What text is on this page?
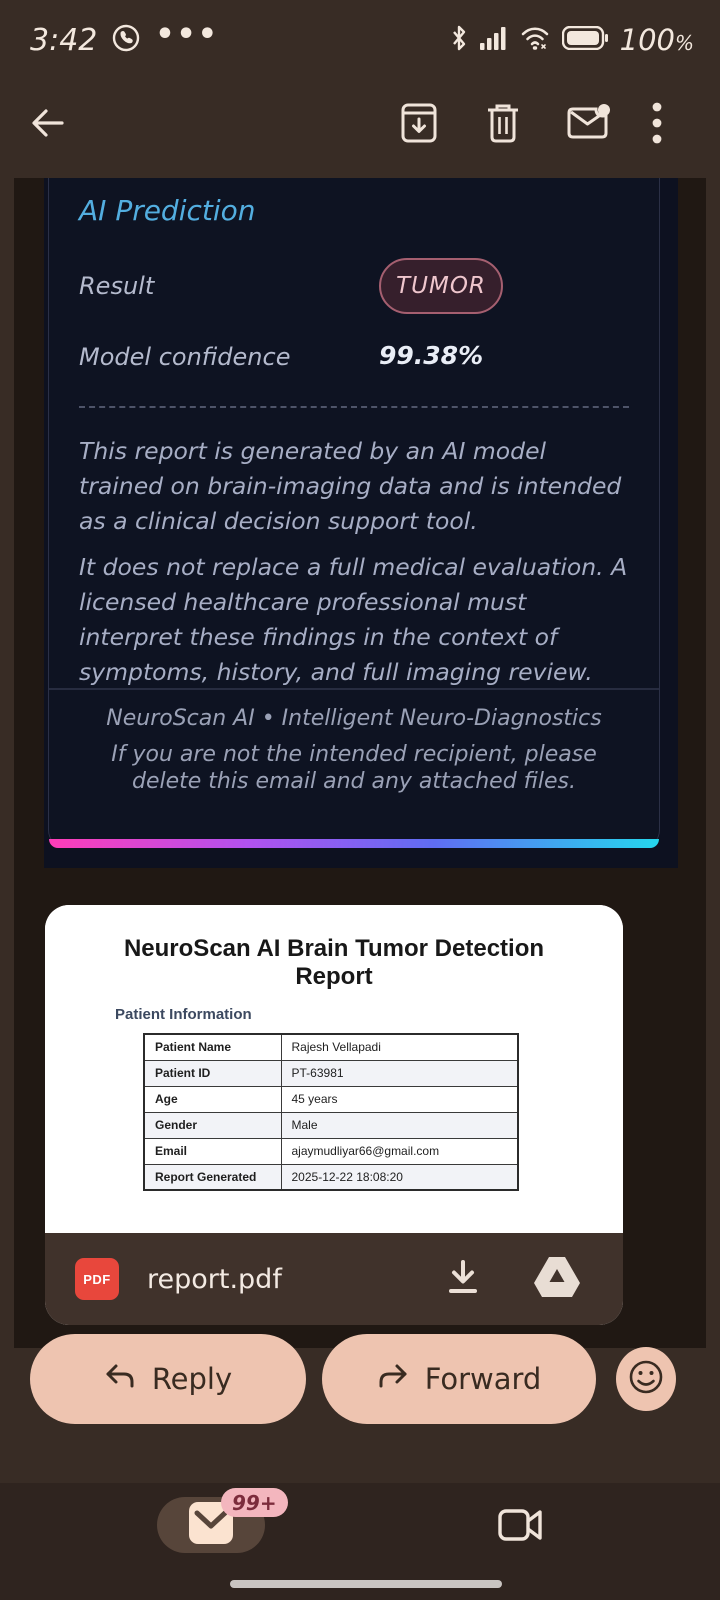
3:42 •••	100%
AI Prediction
Result	TUMOR
Model confidence	99.38%
This report is generated by an AI model trained on brain-imaging data and is intended as a clinical decision support tool.
It does not replace a full medical evaluation. A licensed healthcare professional must interpret these findings in the context of symptoms, history, and full imaging review.
NeuroScan AI • Intelligent Neuro-Diagnostics
If you are not the intended recipient, please delete this email and any attached files.
NeuroScan AI Brain Tumor Detection Report
Patient Information
Patient Name	Rajesh Vellapadi
Patient ID	PT-63981
Age	45 years
Gender	Male
Email	ajaymudliyar66@gmail.com
Report Generated	2025-12-22 18:08:20
PDF	report.pdf
Reply	Forward
99+
